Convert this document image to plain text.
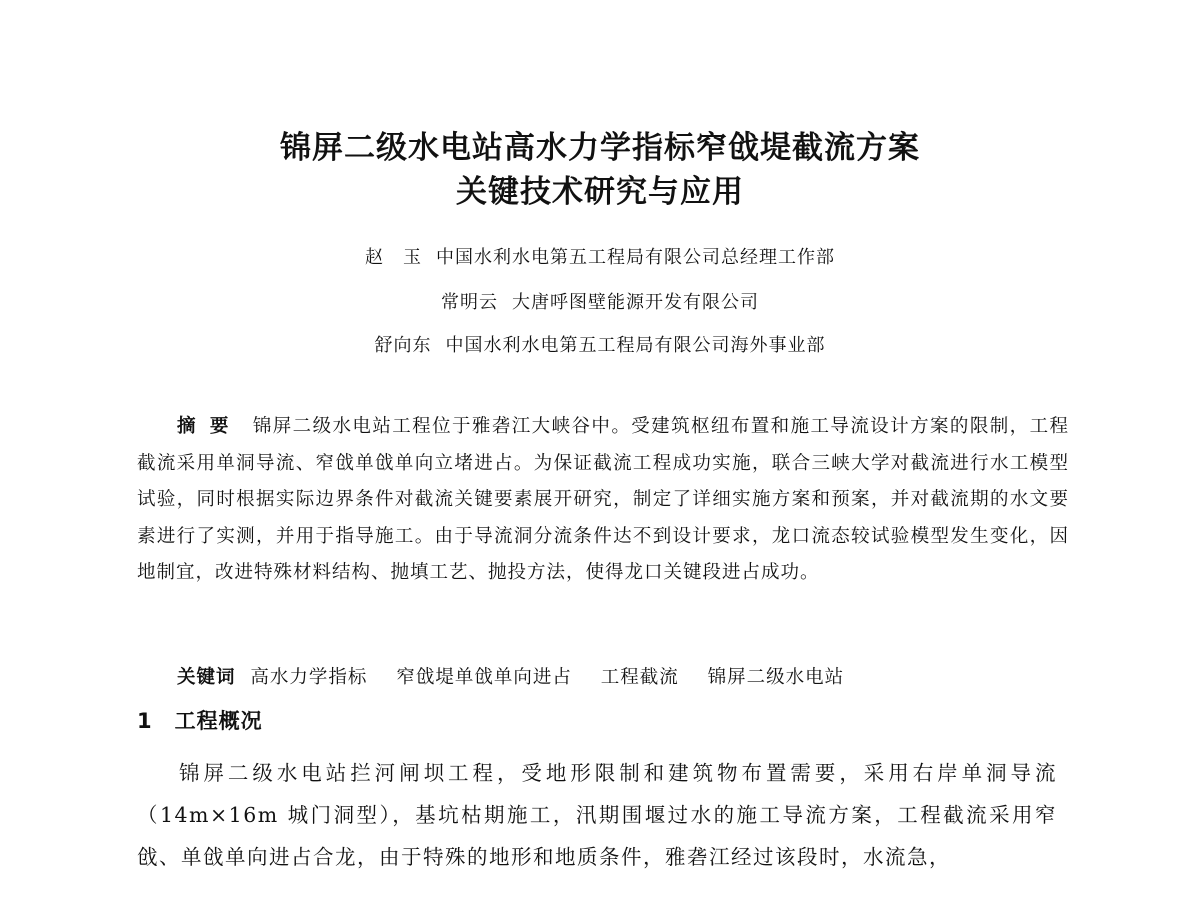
锦屏二级水电站高水力学指标窄戗堤截流方案
关键技术研究与应用
赵　玉 中国水利水电第五工程局有限公司总经理工作部
常明云 大唐呼图壁能源开发有限公司
舒向东 中国水利水电第五工程局有限公司海外事业部

摘要 锦屏二级水电站工程位于雅砻江大峡谷中。受建筑枢纽布置和施工导流设计方案的限制，工程截流采用单洞导流、窄戗单戗单向立堵进占。为保证截流工程成功实施，联合三峡大学对截流进行水工模型试验，同时根据实际边界条件对截流关键要素展开研究，制定了详细实施方案和预案，并对截流期的水文要素进行了实测，并用于指导施工。由于导流洞分流条件达不到设计要求，龙口流态较试验模型发生变化，因地制宜，改进特殊材料结构、抛填工艺、抛投方法，使得龙口关键段进占成功。

关键词 高水力学指标 窄戗堤单戗单向进占 工程截流 锦屏二级水电站
1 工程概况

锦屏二级水电站拦河闸坝工程，受地形限制和建筑物布置需要，采用右岸单洞导流（14m×16m 城门洞型），基坑枯期施工，汛期围堰过水的施工导流方案，工程截流采用窄戗、单戗单向进占合龙，由于特殊的地形和地质条件，雅砻江经过该段时，水流急，
